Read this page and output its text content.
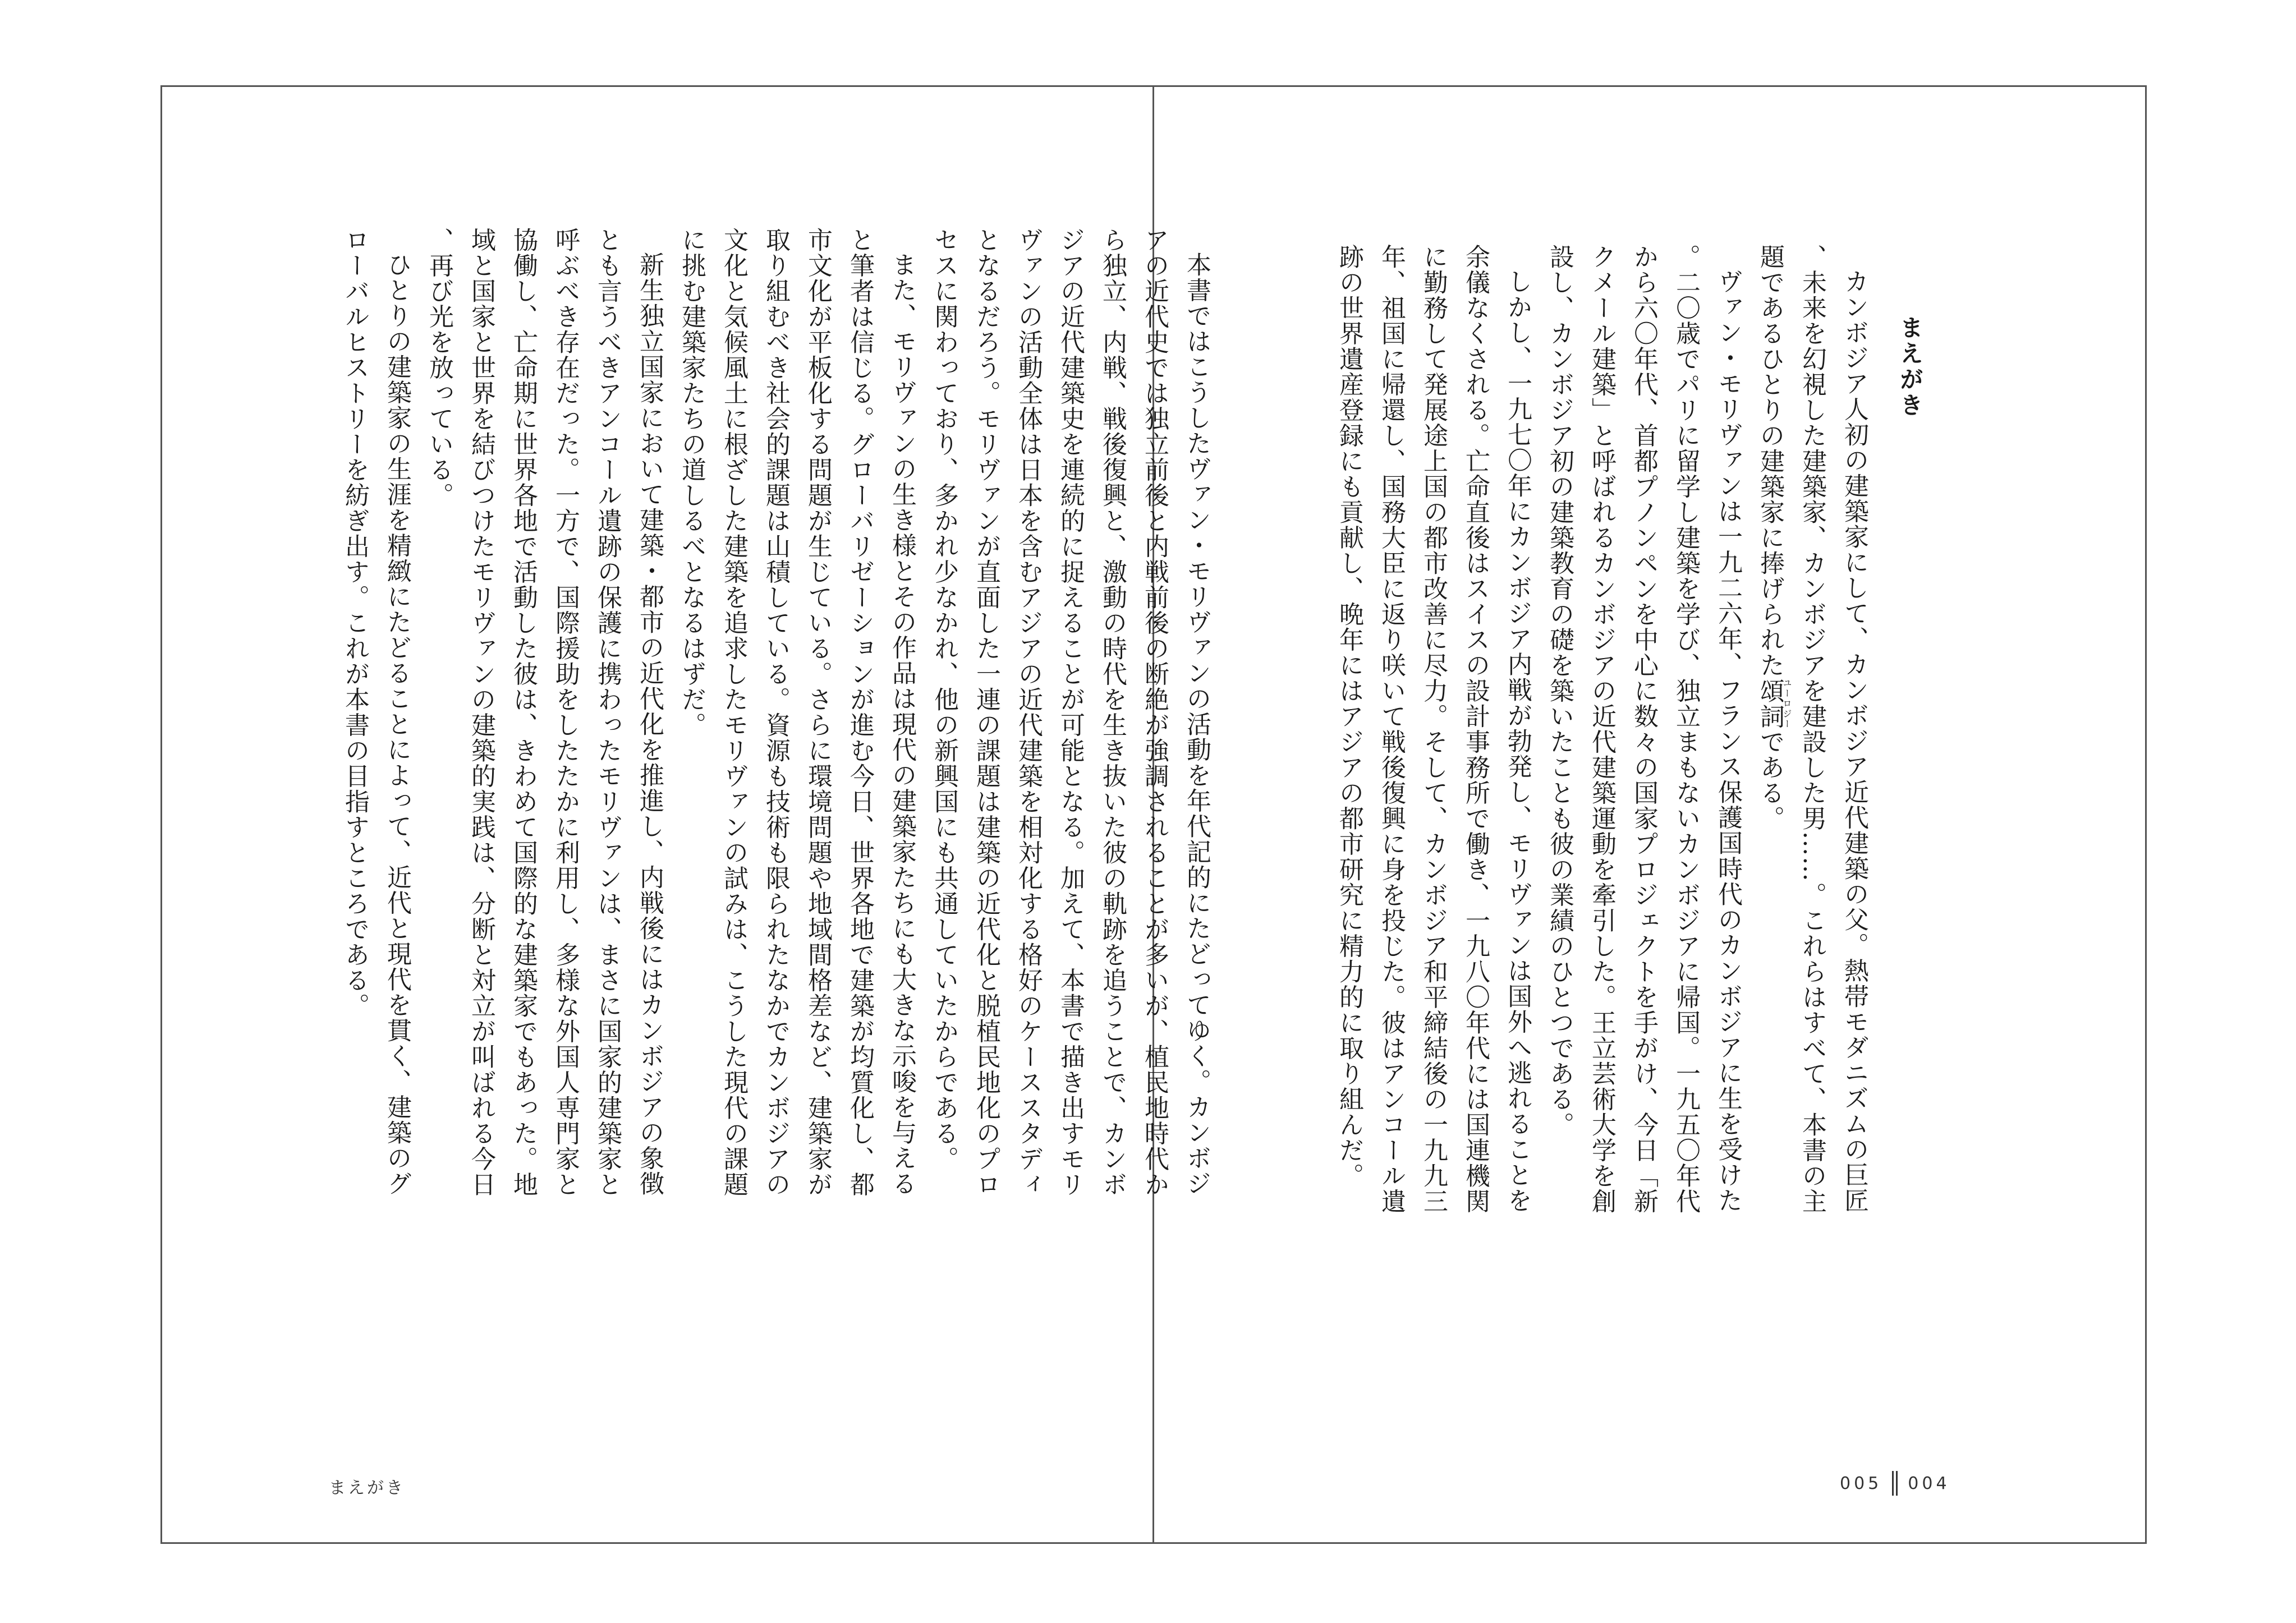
本書ではこうしたヴァン・モリヴァンの活動を年代記的にたどってゆく。カンボジ
アの近代史では独立前後と内戦前後の断絶が強調されることが多いが、植民地時代か
ら独立、内戦、戦後復興と、激動の時代を生き抜いた彼の軌跡を追うことで、カンボ
ジアの近代建築史を連続的に捉えることが可能となる。加えて、本書で描き出すモリ
ヴァンの活動全体は日本を含むアジアの近代建築を相対化する格好のケーススタディ
となるだろう。モリヴァンが直面した一連の課題は建築の近代化と脱植民地化のプロ
セスに関わっており、多かれ少なかれ、他の新興国にも共通していたからである。

また、モリヴァンの生き様とその作品は現代の建築家たちにも大きな示唆を与える
と筆者は信じる。グローバリゼーションが進む今日、世界各地で建築が均質化し、都
市文化が平板化する問題が生じている。さらに環境問題や地域間格差など、建築家が
取り組むべき社会的課題は山積している。資源も技術も限られたなかでカンボジアの
文化と気候風土に根ざした建築を追求したモリヴァンの試みは、こうした現代の課題
に挑む建築家たちの道しるべとなるはずだ。

新生独立国家において建築・都市の近代化を推進し、内戦後にはカンボジアの象徴
とも言うべきアンコール遺跡の保護に携わったモリヴァンは、まさに国家的建築家と
呼ぶべき存在だった。一方で、国際援助をしたたかに利用し、多様な外国人専門家と
協働し、亡命期に世界各地で活動した彼は、きわめて国際的な建築家でもあった。地
域と国家と世界を結びつけたモリヴァンの建築的実践は、分断と対立が叫ばれる今日
、再び光を放っている。

ひとりの建築家の生涯を精緻にたどることによって、近代と現代を貫く、建築のグ
ローバルヒストリーを紡ぎ出す。これが本書の目指すところである。

まえがき
まえがき

カンボジア人初の建築家にして、カンボジア近代建築の父。熱帯モダニズムの巨匠
、未来を幻視した建築家、カンボジアを建設した男……。これらはすべて、本書の主
題であるひとりの建築家に捧げられた頌詞ユーロジーである。

ヴァン・モリヴァンは一九二六年、フランス保護国時代のカンボジアに生を受けた
。二〇歳でパリに留学し建築を学び、独立まもないカンボジアに帰国。一九五〇年代
から六〇年代、首都プノンペンを中心に数々の国家プロジェクトを手がけ、今日「新
クメール建築」と呼ばれるカンボジアの近代建築運動を牽引した。王立芸術大学を創
設し、カンボジア初の建築教育の礎を築いたことも彼の業績のひとつである。

しかし、一九七〇年にカンボジア内戦が勃発し、モリヴァンは国外へ逃れることを
余儀なくされる。亡命直後はスイスの設計事務所で働き、一九八〇年代には国連機関
に勤務して発展途上国の都市改善に尽力。そして、カンボジア和平締結後の一九九三
年、祖国に帰還し、国務大臣に返り咲いて戦後復興に身を投じた。彼はアンコール遺
跡の世界遺産登録にも貢献し、晩年にはアジアの都市研究に精力的に取り組んだ。

005 004
